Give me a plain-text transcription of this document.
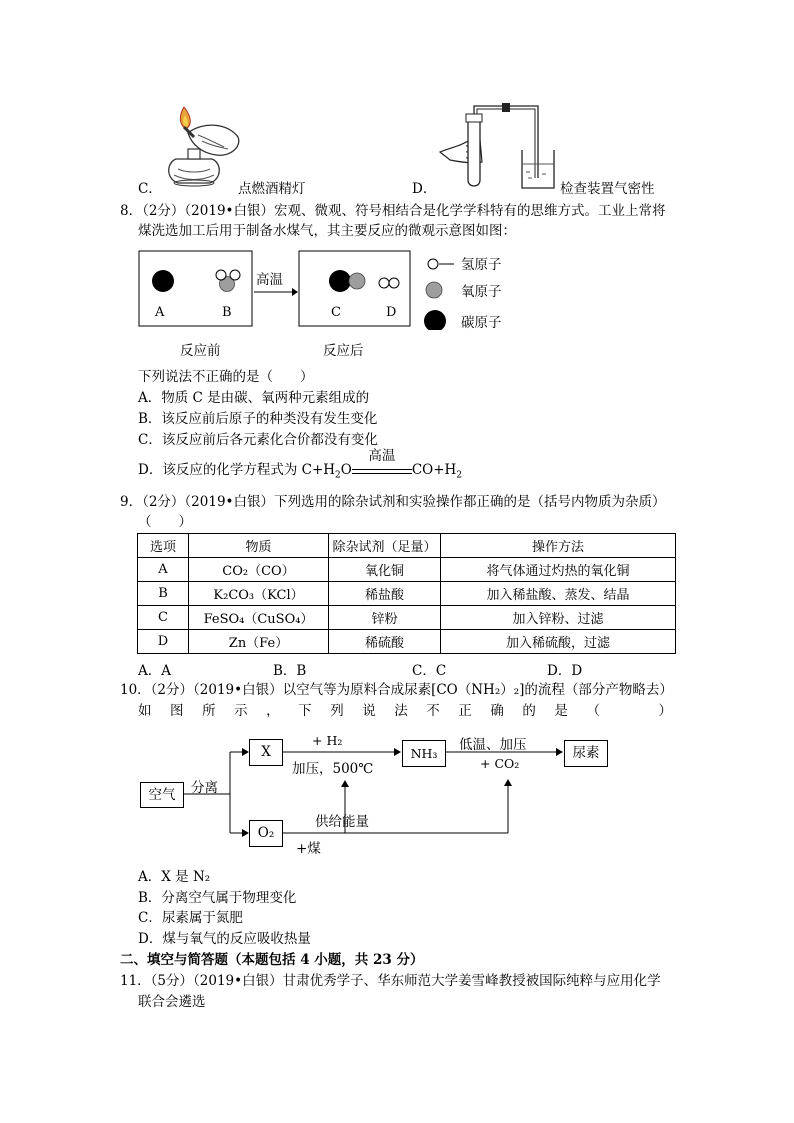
C．	点燃酒精灯	D．	检查装置气密性
8．（2分）（2019•白银）宏观、微观、符号相结合是化学学科特有的思维方式。工业上常将
煤洗选加工后用于制备水煤气，其主要反应的微观示意图如图：
A	B
高温
C	D
氢原子
氧原子
碳原子
反应前	反应后
下列说法不正确的是（　　）
A．物质 C 是由碳、氧两种元素组成的
B．该反应前后原子的种类没有发生变化
C．该反应前后各元素化合价都没有变化
D．该反应的化学方程式为 $C+H_2O$
高温
$CO+H_2$
9．（2分）（2019•白银）下列选用的除杂试剂和实验操作都正确的是（括号内物质为杂质）
（　　）
选项	物质	除杂试剂（足量）	操作方法
A	CO₂（CO）	氧化铜	将气体通过灼热的氧化铜
B	K₂CO₃（KCl）	稀盐酸	加入稀盐酸、蒸发、结晶
C	FeSO₄（CuSO₄）	锌粉	加入锌粉、过滤
D	Zn（Fe）	稀硫酸	加入稀硫酸，过滤
A．A	B．B	C．C	D．D
10．（2分）（2019•白银）以空气等为原料合成尿素[CO（NH₂）₂]的流程（部分产物略去）
如 图 所 示 ， 下 列 说 法 不 正 确 的 是 （	）
空气	分离
X
O₂
+ H₂
加压，500℃
NH₃
低温、加压
+ CO₂
尿素
供给能量
+煤
A．X 是 N₂
B．分离空气属于物理变化
C．尿素属于氮肥
D．煤与氧气的反应吸收热量
二、填空与简答题（本题包括 4 小题，共 23 分）
11．（5分）（2019•白银）甘肃优秀学子、华东师范大学姜雪峰教授被国际纯粹与应用化学
联合会遴选
